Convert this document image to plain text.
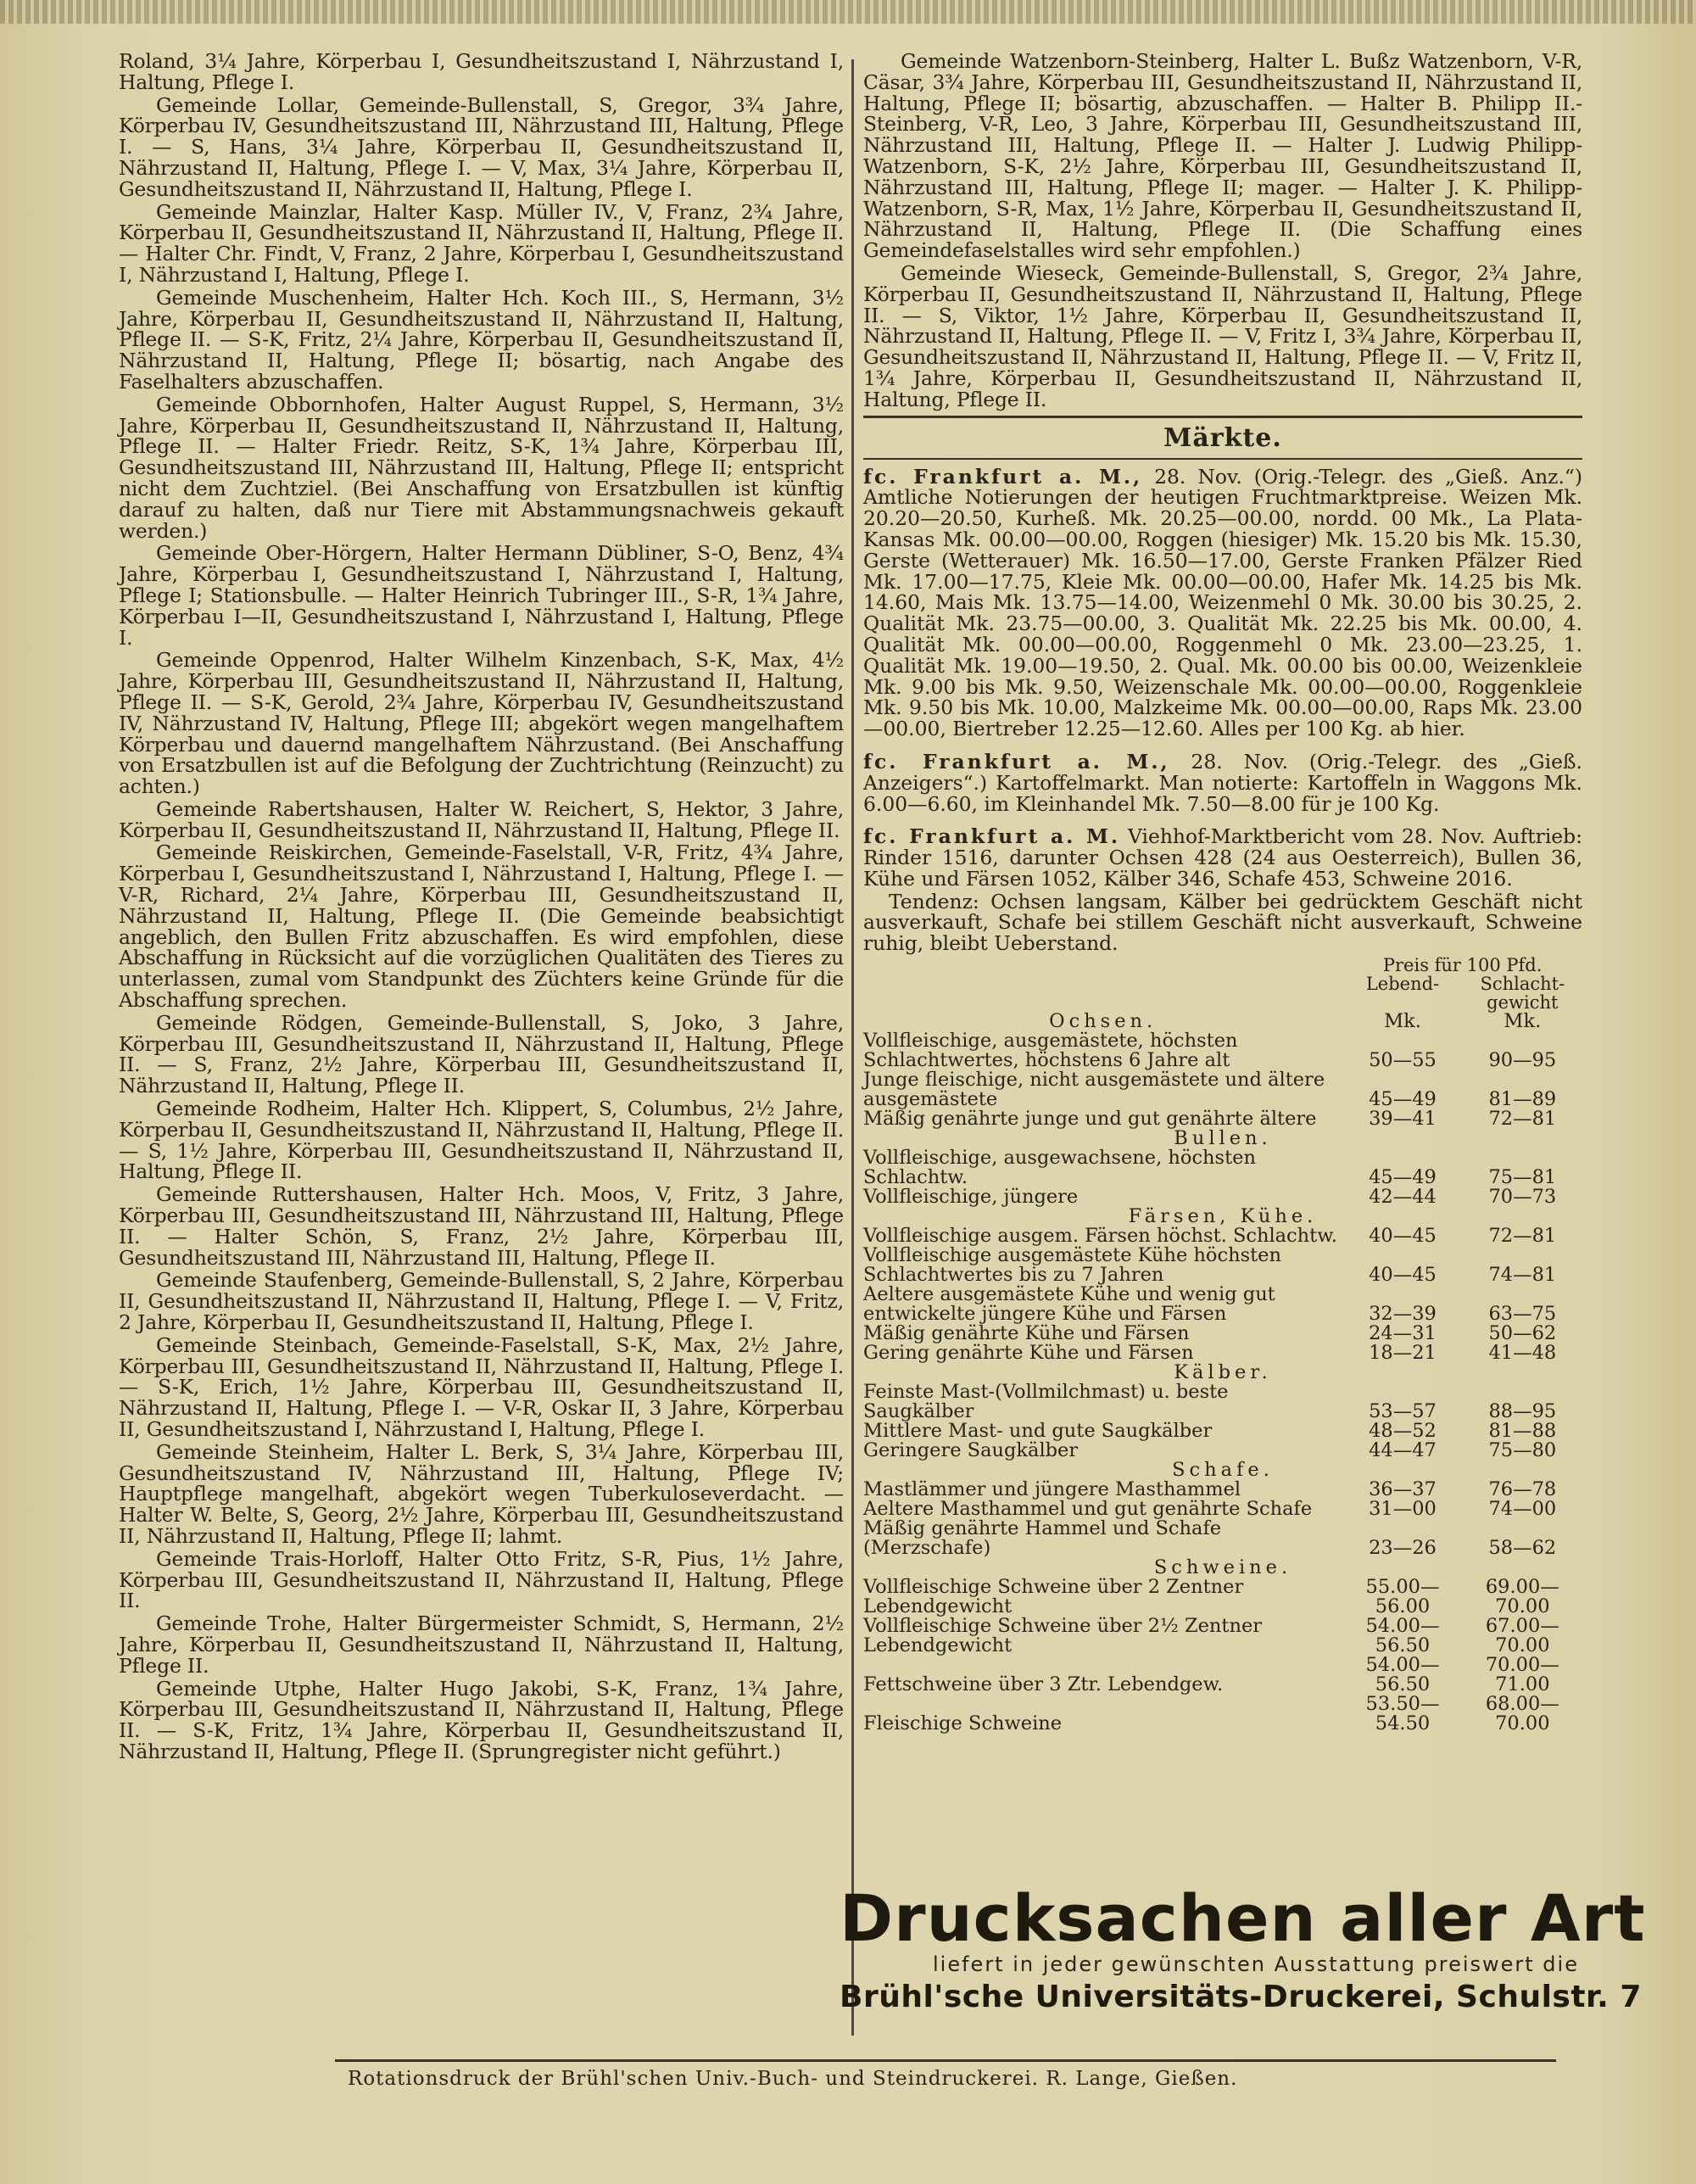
Roland, 3¼ Jahre, Körperbau I, Gesundheitszustand I, Nährzustand I, Haltung, Pflege I.

Gemeinde Lollar, Gemeinde-Bullenstall, S, Gregor, 3¾ Jahre, Körperbau IV, Gesundheitszustand III, Nährzustand III, Haltung, Pflege I. — S, Hans, 3¼ Jahre, Körperbau II, Gesundheitszustand II, Nährzustand II, Haltung, Pflege I. — V, Max, 3¼ Jahre, Körperbau II, Gesundheitszustand II, Nährzustand II, Haltung, Pflege I.

Gemeinde Mainzlar, Halter Kasp. Müller IV., V, Franz, 2¾ Jahre, Körperbau II, Gesundheitszustand II, Nährzustand II, Haltung, Pflege II. — Halter Chr. Findt, V, Franz, 2 Jahre, Körperbau I, Gesundheitszustand I, Nährzustand I, Haltung, Pflege I.

Gemeinde Muschenheim, Halter Hch. Koch III., S, Hermann, 3½ Jahre, Körperbau II, Gesundheitszustand II, Nährzustand II, Haltung, Pflege II. — S-K, Fritz, 2¼ Jahre, Körperbau II, Gesundheitszustand II, Nährzustand II, Haltung, Pflege II; bösartig, nach Angabe des Faselhalters abzuschaffen.

Gemeinde Obbornhofen, Halter August Ruppel, S, Hermann, 3½ Jahre, Körperbau II, Gesundheitszustand II, Nährzustand II, Haltung, Pflege II. — Halter Friedr. Reitz, S-K, 1¾ Jahre, Körperbau III, Gesundheitszustand III, Nährzustand III, Haltung, Pflege II; entspricht nicht dem Zuchtziel. (Bei Anschaffung von Ersatzbullen ist künftig darauf zu halten, daß nur Tiere mit Abstammungsnachweis gekauft werden.)

Gemeinde Ober-Hörgern, Halter Hermann Dübliner, S-O, Benz, 4¾ Jahre, Körperbau I, Gesundheitszustand I, Nährzustand I, Haltung, Pflege I; Stationsbulle. — Halter Heinrich Tubringer III., S-R, 1¾ Jahre, Körperbau I—II, Gesundheitszustand I, Nährzustand I, Haltung, Pflege I.

Gemeinde Oppenrod, Halter Wilhelm Kinzenbach, S-K, Max, 4½ Jahre, Körperbau III, Gesundheitszustand II, Nährzustand II, Haltung, Pflege II. — S-K, Gerold, 2¾ Jahre, Körperbau IV, Gesundheitszustand IV, Nährzustand IV, Haltung, Pflege III; abgekört wegen mangelhaftem Körperbau und dauernd mangelhaftem Nährzustand. (Bei Anschaffung von Ersatzbullen ist auf die Befolgung der Zuchtrichtung (Reinzucht) zu achten.)

Gemeinde Rabertshausen, Halter W. Reichert, S, Hektor, 3 Jahre, Körperbau II, Gesundheitszustand II, Nährzustand II, Haltung, Pflege II.

Gemeinde Reiskirchen, Gemeinde-Faselstall, V-R, Fritz, 4¾ Jahre, Körperbau I, Gesundheitszustand I, Nährzustand I, Haltung, Pflege I. — V-R, Richard, 2¼ Jahre, Körperbau III, Gesundheitszustand II, Nährzustand II, Haltung, Pflege II. (Die Gemeinde beabsichtigt angeblich, den Bullen Fritz abzuschaffen. Es wird empfohlen, diese Abschaffung in Rücksicht auf die vorzüglichen Qualitäten des Tieres zu unterlassen, zumal vom Standpunkt des Züchters keine Gründe für die Abschaffung sprechen.

Gemeinde Rödgen, Gemeinde-Bullenstall, S, Joko, 3 Jahre, Körperbau III, Gesundheitszustand II, Nährzustand II, Haltung, Pflege II. — S, Franz, 2½ Jahre, Körperbau III, Gesundheitszustand II, Nährzustand II, Haltung, Pflege II.

Gemeinde Rodheim, Halter Hch. Klippert, S, Columbus, 2½ Jahre, Körperbau II, Gesundheitszustand II, Nährzustand II, Haltung, Pflege II. — S, 1½ Jahre, Körperbau III, Gesundheitszustand II, Nährzustand II, Haltung, Pflege II.

Gemeinde Ruttershausen, Halter Hch. Moos, V, Fritz, 3 Jahre, Körperbau III, Gesundheitszustand III, Nährzustand III, Haltung, Pflege II. — Halter Schön, S, Franz, 2½ Jahre, Körperbau III, Gesundheitszustand III, Nährzustand III, Haltung, Pflege II.

Gemeinde Staufenberg, Gemeinde-Bullenstall, S, 2 Jahre, Körperbau II, Gesundheitszustand II, Nährzustand II, Haltung, Pflege I. — V, Fritz, 2 Jahre, Körperbau II, Gesundheitszustand II, Haltung, Pflege I.

Gemeinde Steinbach, Gemeinde-Faselstall, S-K, Max, 2½ Jahre, Körperbau III, Gesundheitszustand II, Nährzustand II, Haltung, Pflege I. — S-K, Erich, 1½ Jahre, Körperbau III, Gesundheitszustand II, Nährzustand II, Haltung, Pflege I. — V-R, Oskar II, 3 Jahre, Körperbau II, Gesundheitszustand I, Nährzustand I, Haltung, Pflege I.

Gemeinde Steinheim, Halter L. Berk, S, 3¼ Jahre, Körperbau III, Gesundheitszustand IV, Nährzustand III, Haltung, Pflege IV; Hauptpflege mangelhaft, abgekört wegen Tuberkuloseverdacht. — Halter W. Belte, S, Georg, 2½ Jahre, Körperbau III, Gesundheitszustand II, Nährzustand II, Haltung, Pflege II; lahmt.

Gemeinde Trais-Horloff, Halter Otto Fritz, S-R, Pius, 1½ Jahre, Körperbau III, Gesundheitszustand II, Nährzustand II, Haltung, Pflege II.

Gemeinde Trohe, Halter Bürgermeister Schmidt, S, Hermann, 2½ Jahre, Körperbau II, Gesundheitszustand II, Nährzustand II, Haltung, Pflege II.

Gemeinde Utphe, Halter Hugo Jakobi, S-K, Franz, 1¾ Jahre, Körperbau III, Gesundheitszustand II, Nährzustand II, Haltung, Pflege II. — S-K, Fritz, 1¾ Jahre, Körperbau II, Gesundheitszustand II, Nährzustand II, Haltung, Pflege II. (Sprungregister nicht geführt.)

Gemeinde Watzenborn-Steinberg, Halter L. Bußz Watzenborn, V-R, Cäsar, 3¾ Jahre, Körperbau III, Gesundheitszustand II, Nährzustand II, Haltung, Pflege II; bösartig, abzuschaffen. — Halter B. Philipp II.-Steinberg, V-R, Leo, 3 Jahre, Körperbau III, Gesundheitszustand III, Nährzustand III, Haltung, Pflege II. — Halter J. Ludwig Philipp-Watzenborn, S-K, 2½ Jahre, Körperbau III, Gesundheitszustand II, Nährzustand III, Haltung, Pflege II; mager. — Halter J. K. Philipp-Watzenborn, S-R, Max, 1½ Jahre, Körperbau II, Gesundheitszustand II, Nährzustand II, Haltung, Pflege II. (Die Schaffung eines Gemeindefaselstalles wird sehr empfohlen.)

Gemeinde Wieseck, Gemeinde-Bullenstall, S, Gregor, 2¾ Jahre, Körperbau II, Gesundheitszustand II, Nährzustand II, Haltung, Pflege II. — S, Viktor, 1½ Jahre, Körperbau II, Gesundheitszustand II, Nährzustand II, Haltung, Pflege II. — V, Fritz I, 3¾ Jahre, Körperbau II, Gesundheitszustand II, Nährzustand II, Haltung, Pflege II. — V, Fritz II, 1¾ Jahre, Körperbau II, Gesundheitszustand II, Nährzustand II, Haltung, Pflege II.

Märkte.

fc. Frankfurt a. M., 28. Nov. (Orig.-Telegr. des „Gieß. Anz.“) Amtliche Notierungen der heutigen Fruchtmarktpreise. Weizen Mk. 20.20—20.50, Kurheß. Mk. 20.25—00.00, nordd. 00 Mk., La Plata-Kansas Mk. 00.00—00.00, Roggen (hiesiger) Mk. 15.20 bis Mk. 15.30, Gerste (Wetterauer) Mk. 16.50—17.00, Gerste Franken Pfälzer Ried Mk. 17.00—17.75, Kleie Mk. 00.00—00.00, Hafer Mk. 14.25 bis Mk. 14.60, Mais Mk. 13.75—14.00, Weizenmehl 0 Mk. 30.00 bis 30.25, 2. Qualität Mk. 23.75—00.00, 3. Qualität Mk. 22.25 bis Mk. 00.00, 4. Qualität Mk. 00.00—00.00, Roggenmehl 0 Mk. 23.00—23.25, 1. Qualität Mk. 19.00—19.50, 2. Qual. Mk. 00.00 bis 00.00, Weizenkleie Mk. 9.00 bis Mk. 9.50, Weizenschale Mk. 00.00—00.00, Roggenkleie Mk. 9.50 bis Mk. 10.00, Malzkeime Mk. 00.00—00.00, Raps Mk. 23.00—00.00, Biertreber 12.25—12.60. Alles per 100 Kg. ab hier.

fc. Frankfurt a. M., 28. Nov. (Orig.-Telegr. des „Gieß. Anzeigers“.) Kartoffelmarkt. Man notierte: Kartoffeln in Waggons Mk. 6.00—6.60, im Kleinhandel Mk. 7.50—8.00 für je 100 Kg.

fc. Frankfurt a. M. Viehhof-Marktbericht vom 28. Nov. Auftrieb: Rinder 1516, darunter Ochsen 428 (24 aus Oesterreich), Bullen 36, Kühe und Färsen 1052, Kälber 346, Schafe 453, Schweine 2016.

Tendenz: Ochsen langsam, Kälber bei gedrücktem Geschäft nicht ausverkauft, Schafe bei stillem Geschäft nicht ausverkauft, Schweine ruhig, bleibt Ueberstand.

	Preis für 100 Pfd.	
	Lebend-	Schlacht-
		gewicht
Ochsen.	Mk.	Mk.
Vollfleischige, ausgemästete, höchsten Schlachtwertes, höchstens 6 Jahre alt	50—55	90—95
Junge fleischige, nicht ausgemästete und ältere ausgemästete	45—49	81—89
Mäßig genährte junge und gut genährte ältere	39—41	72—81
Bullen.		
Vollfleischige, ausgewachsene, höchsten Schlachtw.	45—49	75—81
Vollfleischige, jüngere	42—44	70—73
Färsen, Kühe.		
Vollfleischige ausgem. Färsen höchst. Schlachtw.	40—45	72—81
Vollfleischige ausgemästete Kühe höchsten Schlachtwertes bis zu 7 Jahren	40—45	74—81
Aeltere ausgemästete Kühe und wenig gut entwickelte jüngere Kühe und Färsen	32—39	63—75
Mäßig genährte Kühe und Färsen	24—31	50—62
Gering genährte Kühe und Färsen	18—21	41—48
Kälber.		
Feinste Mast-(Vollmilchmast) u. beste Saugkälber	53—57	88—95
Mittlere Mast- und gute Saugkälber	48—52	81—88
Geringere Saugkälber	44—47	75—80
Schafe.		
Mastlämmer und jüngere Masthammel	36—37	76—78
Aeltere Masthammel und gut genährte Schafe	31—00	74—00
Mäßig genährte Hammel und Schafe (Merzschafe)	23—26	58—62
Schweine.		
Vollfleischige Schweine über 2 Zentner Lebendgewicht	55.00—56.00	69.00—70.00
Vollfleischige Schweine über 2½ Zentner Lebendgewicht	54.00—56.50	67.00—70.00
Fettschweine über 3 Ztr. Lebendgew.	54.00—56.50	70.00—71.00
Fleischige Schweine	53.50—54.50	68.00—70.00
Drucksachen aller Art
liefert in jeder gewünschten Ausstattung preiswert die
Brühl'sche Universitäts-Druckerei, Schulstr. 7
Rotationsdruck der Brühl'schen Univ.-Buch- und Steindruckerei. R. Lange, Gießen.
